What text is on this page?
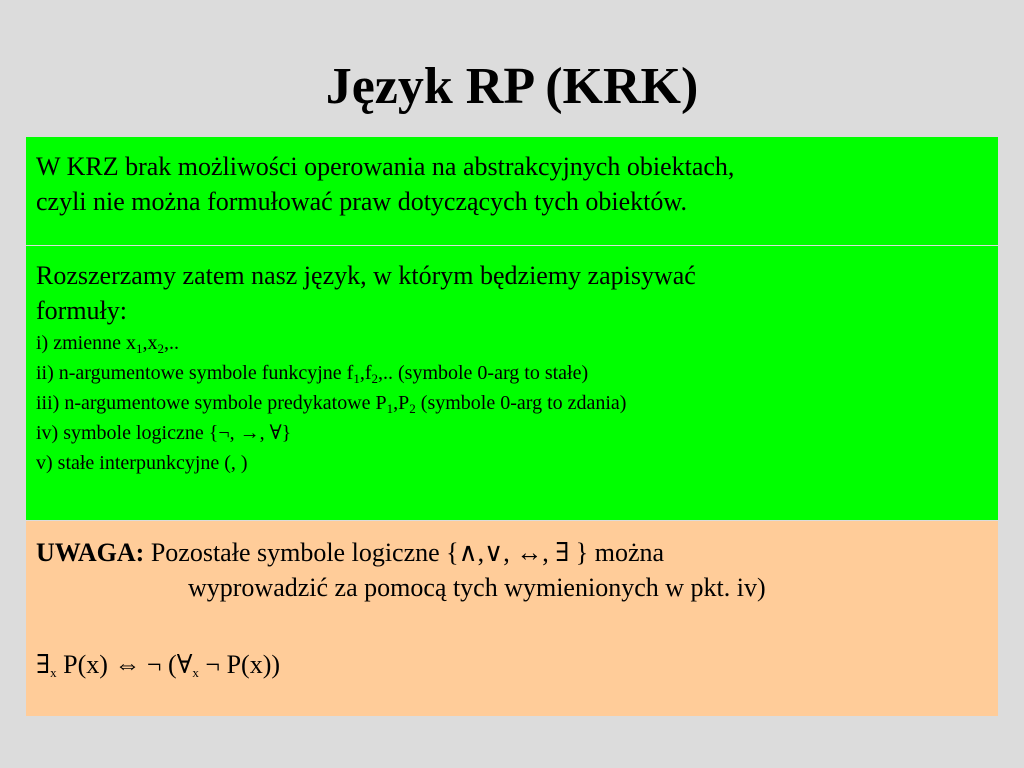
Język RP (KRK)
W KRZ brak możliwości operowania na abstrakcyjnych obiektach,
czyli nie można formułować praw dotyczących tych obiektów.
Rozszerzamy zatem nasz język, w którym będziemy zapisywać
formuły:
i) zmienne $x_1,x_2$,..
ii) n-argumentowe symbole funkcyjne $f_1,f_2$,.. (symbole 0-arg to stałe)
iii) n-argumentowe symbole predykatowe $P_1,P_2$ (symbole 0-arg to zdania)
iv) symbole logiczne {¬, →, ∀}
v) stałe interpunkcyjne (, )
UWAGA: Pozostałe symbole logiczne {∧,∨, ↔, ∃ } można
wyprowadzić za pomocą tych wymienionych w pkt. iv)
$\exists_x$ P(x) ⇔ ¬ ($\forall_x$ ¬ P(x))
